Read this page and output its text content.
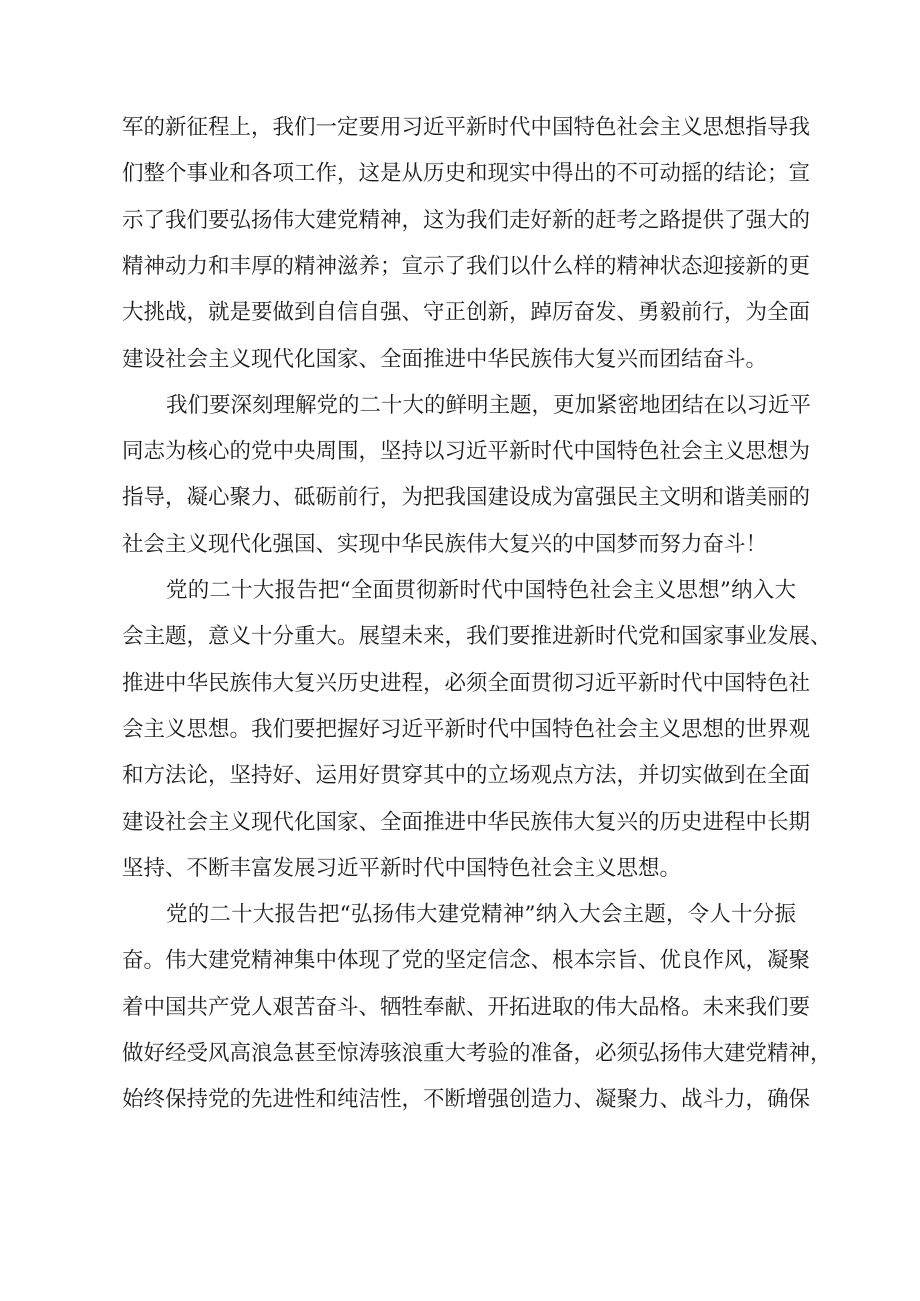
军的新征程上，我们一定要用习近平新时代中国特色社会主义思想指导我
们整个事业和各项工作，这是从历史和现实中得出的不可动摇的结论；宣
示了我们要弘扬伟大建党精神，这为我们走好新的赶考之路提供了强大的
精神动力和丰厚的精神滋养；宣示了我们以什么样的精神状态迎接新的更
大挑战，就是要做到自信自强、守正创新，踔厉奋发、勇毅前行，为全面
建设社会主义现代化国家、全面推进中华民族伟大复兴而团结奋斗。
我们要深刻理解党的二十大的鲜明主题，更加紧密地团结在以习近平
同志为核心的党中央周围，坚持以习近平新时代中国特色社会主义思想为
指导，凝心聚力、砥砺前行，为把我国建设成为富强民主文明和谐美丽的
社会主义现代化强国、实现中华民族伟大复兴的中国梦而努力奋斗！
党的二十大报告把“全面贯彻新时代中国特色社会主义思想”纳入大
会主题，意义十分重大。展望未来，我们要推进新时代党和国家事业发展、
推进中华民族伟大复兴历史进程，必须全面贯彻习近平新时代中国特色社
会主义思想。我们要把握好习近平新时代中国特色社会主义思想的世界观
和方法论，坚持好、运用好贯穿其中的立场观点方法，并切实做到在全面
建设社会主义现代化国家、全面推进中华民族伟大复兴的历史进程中长期
坚持、不断丰富发展习近平新时代中国特色社会主义思想。
党的二十大报告把“弘扬伟大建党精神”纳入大会主题，令人十分振
奋。伟大建党精神集中体现了党的坚定信念、根本宗旨、优良作风，凝聚
着中国共产党人艰苦奋斗、牺牲奉献、开拓进取的伟大品格。未来我们要
做好经受风高浪急甚至惊涛骇浪重大考验的准备，必须弘扬伟大建党精神，
始终保持党的先进性和纯洁性，不断增强创造力、凝聚力、战斗力，确保
